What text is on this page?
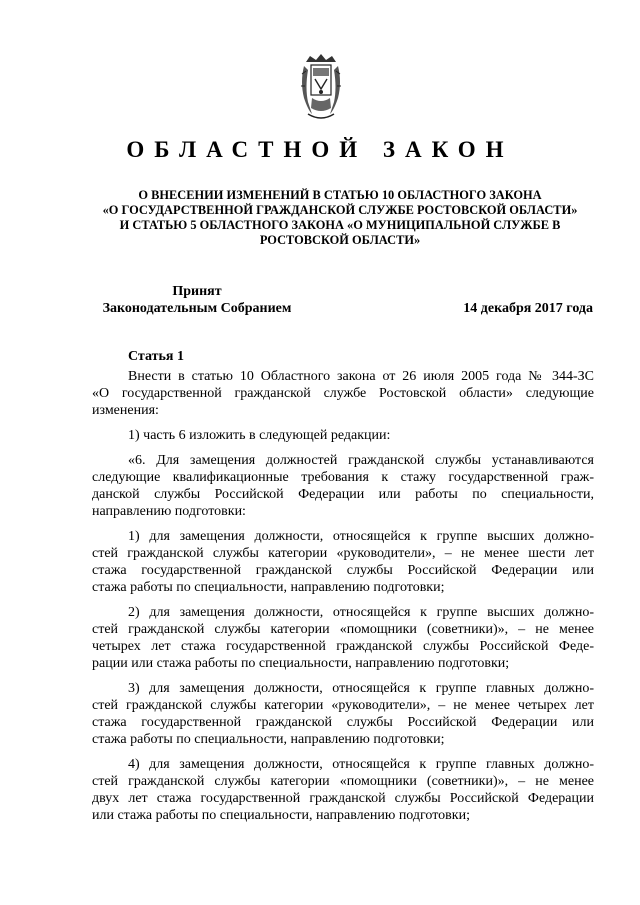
ОБЛАСТНОЙ ЗАКОН
О ВНЕСЕНИИ ИЗМЕНЕНИЙ В СТАТЬЮ 10 ОБЛАСТНОГО ЗАКОНА
«О ГОСУДАРСТВЕННОЙ ГРАЖДАНСКОЙ СЛУЖБЕ РОСТОВСКОЙ ОБЛАСТИ»
И СТАТЬЮ 5 ОБЛАСТНОГО ЗАКОНА «О МУНИЦИПАЛЬНОЙ СЛУЖБЕ В
РОСТОВСКОЙ ОБЛАСТИ»
Принят
Законодательным Собранием	14 декабря 2017 года

Статья 1

Внести в статью 10 Областного закона от 26 июля 2005 года № 344-ЗС
«О государственной гражданской службе Ростовской области» следующие
изменения:
1) часть 6 изложить в следующей редакции:
«6. Для замещения должностей гражданской службы устанавливаются
следующие квалификационные требования к стажу государственной граж-
данской службы Российской Федерации или работы по специальности,
направлению подготовки:
1) для замещения должности, относящейся к группе высших должно-
стей гражданской службы категории «руководители», – не менее шести лет
стажа государственной гражданской службы Российской Федерации или
стажа работы по специальности, направлению подготовки;
2) для замещения должности, относящейся к группе высших должно-
стей гражданской службы категории «помощники (советники)», – не менее
четырех лет стажа государственной гражданской службы Российской Феде-
рации или стажа работы по специальности, направлению подготовки;
3) для замещения должности, относящейся к группе главных должно-
стей гражданской службы категории «руководители», – не менее четырех лет
стажа государственной гражданской службы Российской Федерации или
стажа работы по специальности, направлению подготовки;
4) для замещения должности, относящейся к группе главных должно-
стей гражданской службы категории «помощники (советники)», – не менее
двух лет стажа государственной гражданской службы Российской Федерации
или стажа работы по специальности, направлению подготовки;
